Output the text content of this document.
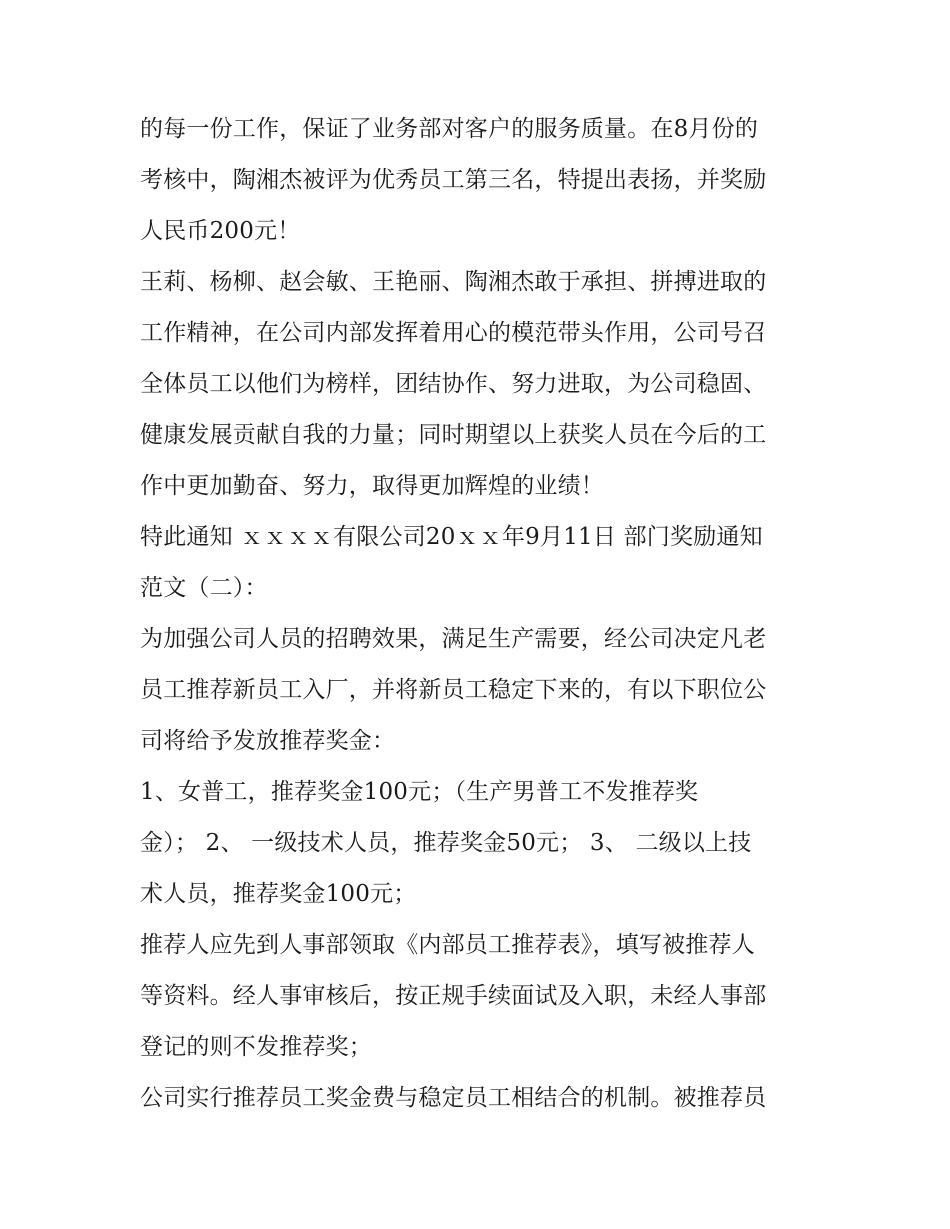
的每一份工作，保证了业务部对客户的服务质量。在8月份的
考核中，陶湘杰被评为优秀员工第三名，特提出表扬，并奖励
人民币200元！
王莉、杨柳、赵会敏、王艳丽、陶湘杰敢于承担、拼搏进取的
工作精神，在公司内部发挥着用心的模范带头作用，公司号召
全体员工以他们为榜样，团结协作、努力进取，为公司稳固、
健康发展贡献自我的力量；同时期望以上获奖人员在今后的工
作中更加勤奋、努力，取得更加辉煌的业绩！
特此通知 ｘｘｘｘ有限公司20ｘｘ年9月11日 部门奖励通知
范文（二）：
为加强公司人员的招聘效果，满足生产需要，经公司决定凡老
员工推荐新员工入厂，并将新员工稳定下来的，有以下职位公
司将给予发放推荐奖金：
1、女普工，推荐奖金100元；（生产男普工不发推荐奖
金）； 2、 一级技术人员，推荐奖金50元； 3、 二级以上技
术人员，推荐奖金100元；
推荐人应先到人事部领取《内部员工推荐表》，填写被推荐人
等资料。经人事审核后，按正规手续面试及入职，未经人事部
登记的则不发推荐奖；
公司实行推荐员工奖金费与稳定员工相结合的机制。被推荐员
